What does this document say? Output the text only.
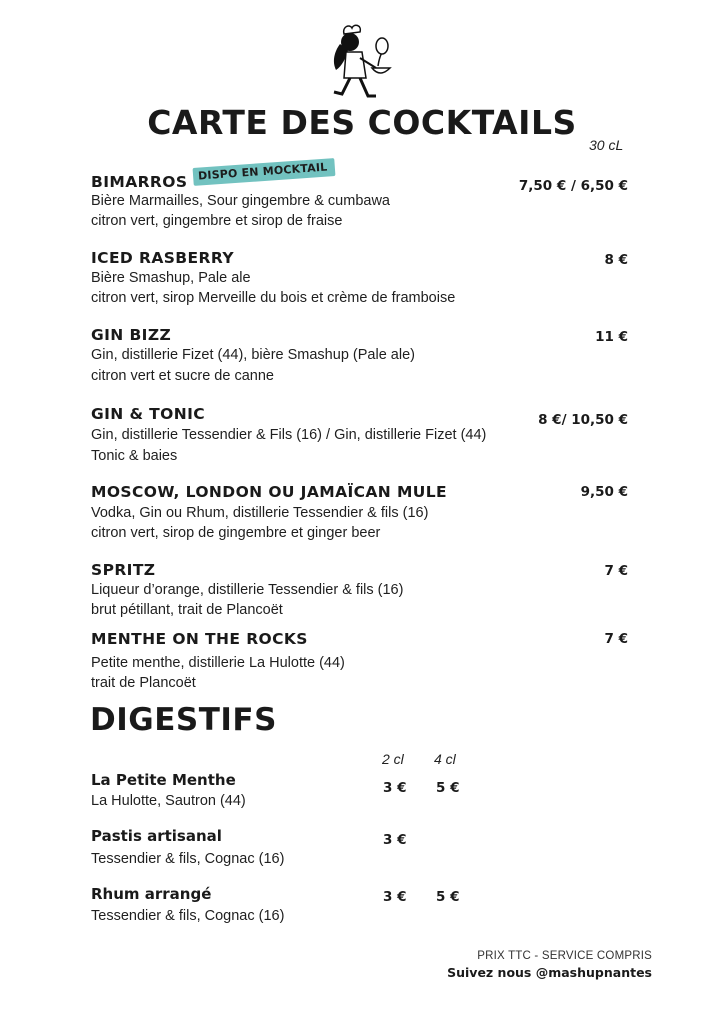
CARTE DES COCKTAILS
30 cL
BIMARROS DISPO EN MOCKTAIL
Bière Marmailles, Sour gingembre & cumbawa
citron vert, gingembre et sirop de fraise
7,50 € / 6,50 €
ICED RASBERRY
Bière Smashup, Pale ale
citron vert, sirop Merveille du bois et crème de framboise
8 €
GIN BIZZ
Gin, distillerie Fizet (44), bière Smashup (Pale ale)
citron vert et sucre de canne
11 €
GIN & TONIC
Gin, distillerie Tessendier & Fils (16) / Gin, distillerie Fizet (44)
Tonic & baies
8 €/ 10,50 €
MOSCOW, LONDON OU JAMAÏCAN MULE
Vodka, Gin ou Rhum, distillerie Tessendier & fils (16)
citron vert, sirop de gingembre et ginger beer
9,50 €
SPRITZ
Liqueur d’orange, distillerie Tessendier & fils (16)
brut pétillant, trait de Plancoët
7 €
MENTHE ON THE ROCKS
Petite menthe, distillerie La Hulotte (44)
trait de Plancoët
7 €
DIGESTIFS
2 cl 4 cl
La Petite Menthe
La Hulotte, Sautron (44)
3 € 5 €
Pastis artisanal
Tessendier & fils, Cognac (16)
3 €
Rhum arrangé
Tessendier & fils, Cognac (16)
3 € 5 €
PRIX TTC - SERVICE COMPRIS
Suivez nous @mashupnantes
